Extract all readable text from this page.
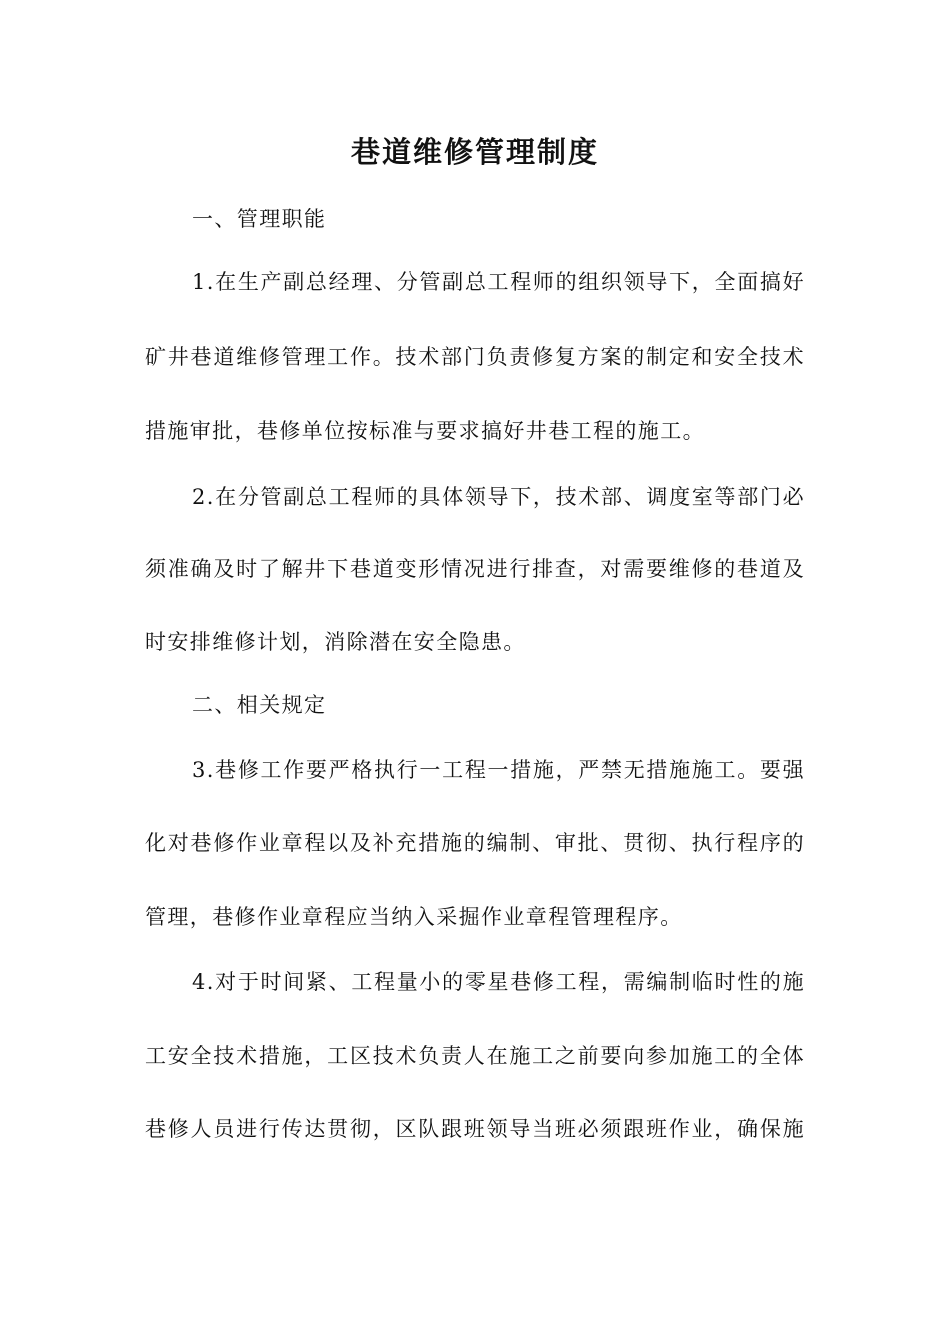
巷道维修管理制度
一、管理职能
1.在生产副总经理、分管副总工程师的组织领导下，全面搞好
矿井巷道维修管理工作。技术部门负责修复方案的制定和安全技术
措施审批，巷修单位按标准与要求搞好井巷工程的施工。
2.在分管副总工程师的具体领导下，技术部、调度室等部门必
须准确及时了解井下巷道变形情况进行排查，对需要维修的巷道及
时安排维修计划，消除潜在安全隐患。
二、相关规定
3.巷修工作要严格执行一工程一措施，严禁无措施施工。要强
化对巷修作业章程以及补充措施的编制、审批、贯彻、执行程序的
管理，巷修作业章程应当纳入采掘作业章程管理程序。
4.对于时间紧、工程量小的零星巷修工程，需编制临时性的施
工安全技术措施，工区技术负责人在施工之前要向参加施工的全体
巷修人员进行传达贯彻，区队跟班领导当班必须跟班作业，确保施
